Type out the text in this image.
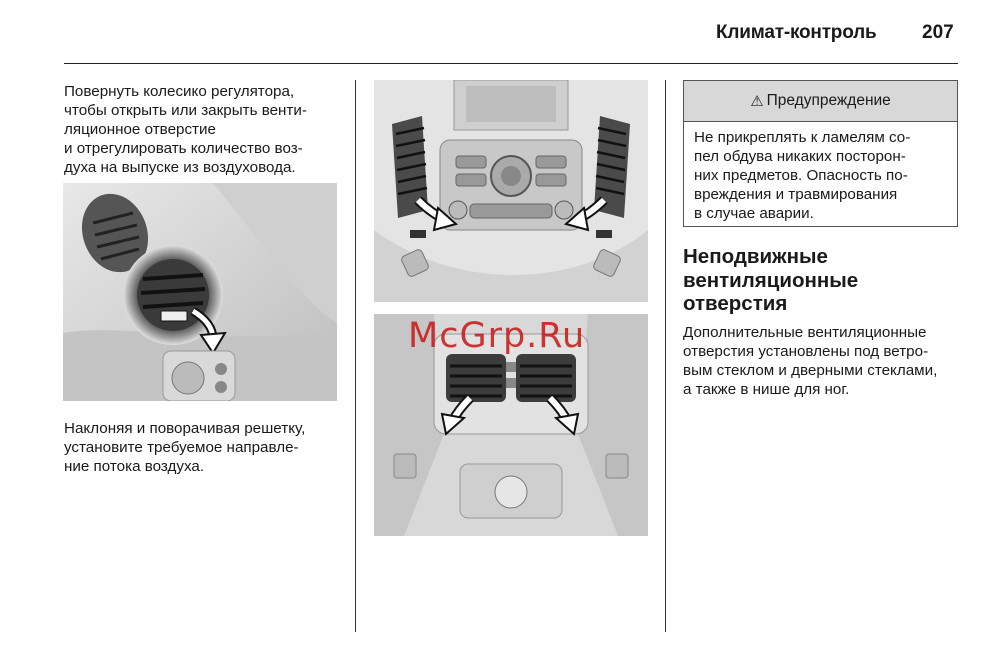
Климат-контроль 207
Повернуть колесико регулятора,
чтобы открыть или закрыть венти-
ляционное отверстие
и отрегулировать количество воз-
духа на выпуске из воздуховода.
Наклоняя и поворачивая решетку,
установите требуемое направле-
ние потока воздуха.
McGrp.Ru
⚠ Предупреждение
Не прикреплять к ламелям со-
пел обдува никаких посторон-
них предметов. Опасность по-
вреждения и травмирования
в случае аварии.
Неподвижные
вентиляционные
отверстия
Дополнительные вентиляционные
отверстия установлены под ветро-
вым стеклом и дверными стеклами,
а также в нише для ног.
